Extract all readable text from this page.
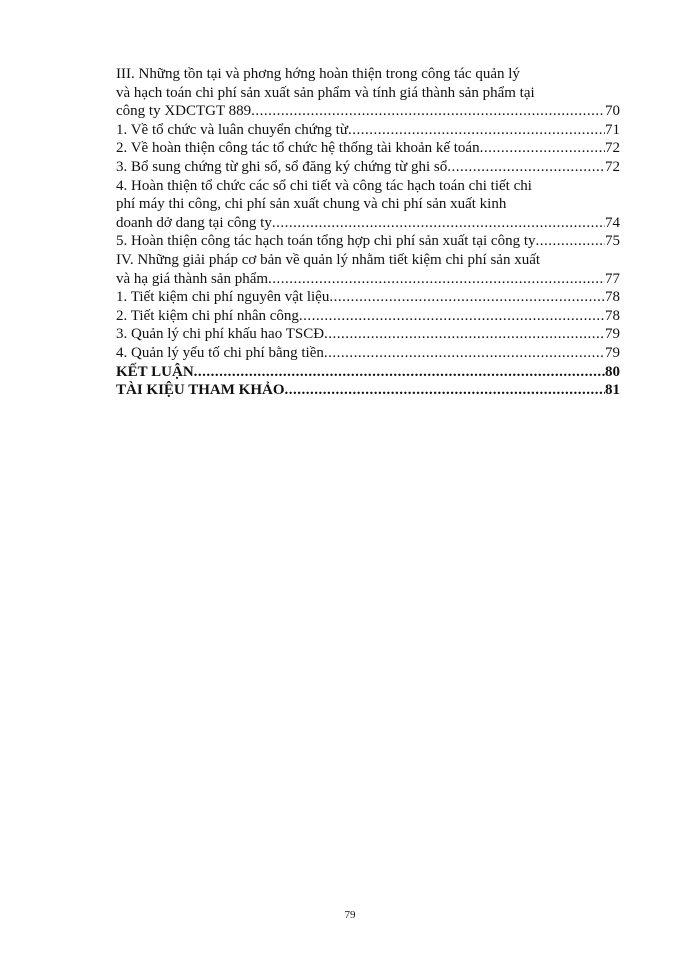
III. Những tồn tại và phơng hớng hoàn thiện trong công tác quản lý
và hạch toán chi phí sản xuất sản phẩm và tính giá thành sản phẩm tại
công ty XDCTGT 889 .....	70
1. Về tổ chức và luân chuyển chứng từ .....	71
2. Về hoàn thiện công tác tổ chức hệ thống tài khoản kế toán .....	72
3. Bổ sung chứng từ ghi sổ, sổ đăng ký chứng từ ghi sổ .....	72
4. Hoàn thiện tổ chức các sổ chi tiết và công tác hạch toán chi tiết chi
phí máy thi công, chi phí sản xuất chung và chi phí sản xuất kinh
doanh dở dang tại công ty .....	74
5. Hoàn thiện công tác hạch toán tổng hợp chi phí sản xuất tại công ty .....	75
IV. Những giải pháp cơ bản về quản lý nhằm tiết kiệm chi phí sản xuất
và hạ giá thành sản phẩm .....	77
1. Tiết kiệm chi phí nguyên vật liệu .....	78
2. Tiết kiệm chi phí nhân công .....	78
3. Quản lý chi phí khấu hao TSCĐ .....	79
4. Quản lý yếu tố chi phí bằng tiền .....	79
KẾT LUẬN .....	80
TÀI KIỆU THAM KHẢO .....	81
79
